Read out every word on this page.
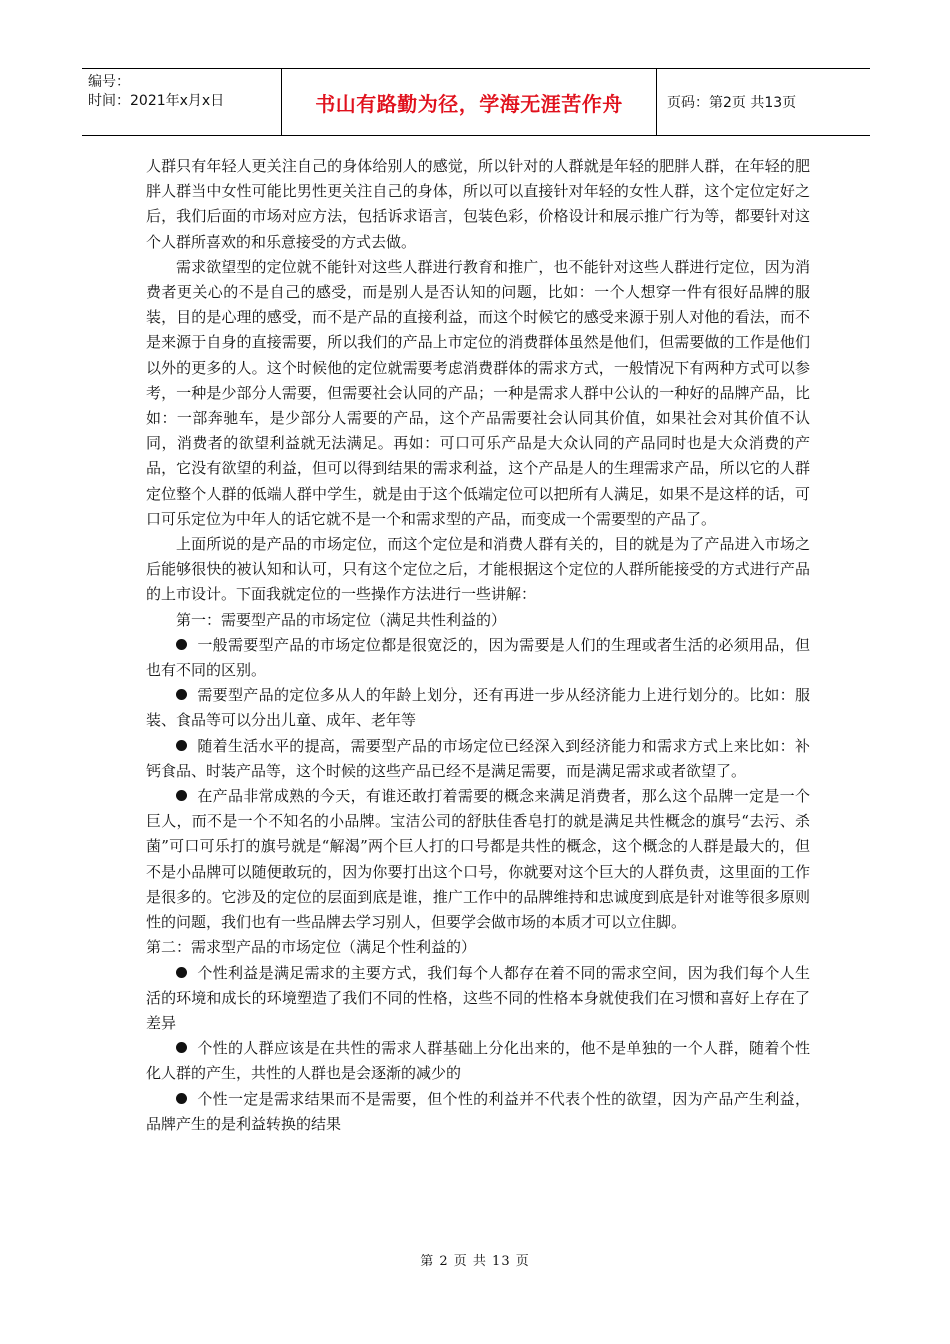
编号：
时间：2021年x月x日	书山有路勤为径，学海无涯苦作舟	页码：第2页 共13页

人群只有年轻人更关注自己的身体给别人的感觉，所以针对的人群就是年轻的肥胖人群，在年轻的肥胖人群当中女性可能比男性更关注自己的身体，所以可以直接针对年轻的女性人群，这个定位定好之后，我们后面的市场对应方法，包括诉求语言，包装色彩，价格设计和展示推广行为等，都要针对这个人群所喜欢的和乐意接受的方式去做。

需求欲望型的定位就不能针对这些人群进行教育和推广，也不能针对这些人群进行定位，因为消费者更关心的不是自己的感受，而是别人是否认知的问题，比如：一个人想穿一件有很好品牌的服装，目的是心理的感受，而不是产品的直接利益，而这个时候它的感受来源于别人对他的看法，而不是来源于自身的直接需要，所以我们的产品上市定位的消费群体虽然是他们，但需要做的工作是他们以外的更多的人。这个时候他的定位就需要考虑消费群体的需求方式，一般情况下有两种方式可以参考，一种是少部分人需要，但需要社会认同的产品；一种是需求人群中公认的一种好的品牌产品，比如：一部奔驰车，是少部分人需要的产品，这个产品需要社会认同其价值，如果社会对其价值不认同，消费者的欲望利益就无法满足。再如：可口可乐产品是大众认同的产品同时也是大众消费的产品，它没有欲望的利益，但可以得到结果的需求利益，这个产品是人的生理需求产品，所以它的人群定位整个人群的低端人群中学生，就是由于这个低端定位可以把所有人满足，如果不是这样的话，可口可乐定位为中年人的话它就不是一个和需求型的产品，而变成一个需要型的产品了。

上面所说的是产品的市场定位，而这个定位是和消费人群有关的，目的就是为了产品进入市场之后能够很快的被认知和认可，只有这个定位之后，才能根据这个定位的人群所能接受的方式进行产品的上市设计。下面我就定位的一些操作方法进行一些讲解：

第一：需要型产品的市场定位（满足共性利益的）

一般需要型产品的市场定位都是很宽泛的，因为需要是人们的生理或者生活的必须用品，但也有不同的区别。

需要型产品的定位多从人的年龄上划分，还有再进一步从经济能力上进行划分的。比如：服装、食品等可以分出儿童、成年、老年等

随着生活水平的提高，需要型产品的市场定位已经深入到经济能力和需求方式上来比如：补钙食品、时装产品等，这个时候的这些产品已经不是满足需要，而是满足需求或者欲望了。

在产品非常成熟的今天，有谁还敢打着需要的概念来满足消费者，那么这个品牌一定是一个巨人，而不是一个不知名的小品牌。宝洁公司的舒肤佳香皂打的就是满足共性概念的旗号“去污、杀菌”可口可乐打的旗号就是“解渴”两个巨人打的口号都是共性的概念，这个概念的人群是最大的，但不是小品牌可以随便敢玩的，因为你要打出这个口号，你就要对这个巨大的人群负责，这里面的工作是很多的。它涉及的定位的层面到底是谁，推广工作中的品牌维持和忠诚度到底是针对谁等很多原则性的问题，我们也有一些品牌去学习别人，但要学会做市场的本质才可以立住脚。

第二：需求型产品的市场定位（满足个性利益的）

个性利益是满足需求的主要方式，我们每个人都存在着不同的需求空间，因为我们每个人生活的环境和成长的环境塑造了我们不同的性格，这些不同的性格本身就使我们在习惯和喜好上存在了差异

个性的人群应该是在共性的需求人群基础上分化出来的，他不是单独的一个人群，随着个性化人群的产生，共性的人群也是会逐渐的减少的

个性一定是需求结果而不是需要，但个性的利益并不代表个性的欲望，因为产品产生利益，品牌产生的是利益转换的结果

第 2 页 共 13 页
